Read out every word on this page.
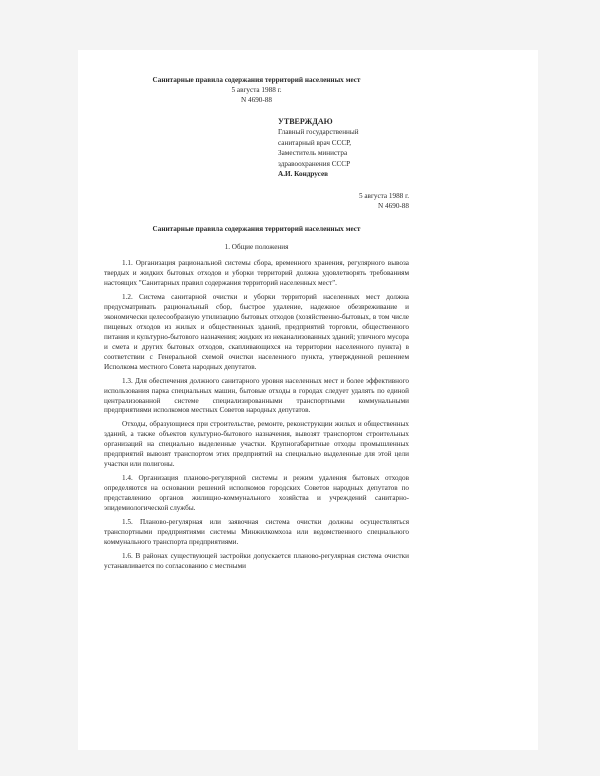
Санитарные правила содержания территорий населенных мест

5 августа 1988 г.

N 4690-88

УТВЕРЖДАЮ
Главный государственный
санитарный врач СССР,
Заместитель министра
здравоохранения СССР
А.И. Кондрусев
5 августа 1988 г.
N 4690-88

Санитарные правила содержания территорий населенных мест

1. Общие положения

1.1. Организация рациональной системы сбора, временного хранения, регулярного вывоза твердых и жидких бытовых отходов и уборки территорий должна удовлетворять требованиям настоящих "Санитарных правил содержания территорий населенных мест".

1.2. Система санитарной очистки и уборки территорий населенных мест должна предусматривать рациональный сбор, быстрое удаление, надежное обезвреживание и экономически целесообразную утилизацию бытовых отходов (хозяйственно-бытовых, в том числе пищевых отходов из жилых и общественных зданий, предприятий торговли, общественного питания и культурно-бытового назначения; жидких из неканализованных зданий; уличного мусора и смета и других бытовых отходов, скапливающихся на территории населенного пункта) в соответствии с Генеральной схемой очистки населенного пункта, утвержденной решением Исполкома местного Совета народных депутатов.

1.3. Для обеспечения должного санитарного уровня населенных мест и более эффективного использования парка специальных машин, бытовые отходы в городах следует удалять по единой централизованной системе специализированными транспортными коммунальными предприятиями исполкомов местных Советов народных депутатов.

Отходы, образующиеся при строительстве, ремонте, реконструкции жилых и общественных зданий, а также объектов культурно-бытового назначения, вывозят транспортом строительных организаций на специально выделенные участки. Крупногабаритные отходы промышленных предприятий вывозят транспортом этих предприятий на специально выделенные для этой цели участки или полигоны.

1.4. Организация планово-регулярной системы и режим удаления бытовых отходов определяются на основании решений исполкомов городских Советов народных депутатов по представлению органов жилищно-коммунального хозяйства и учреждений санитарно-эпидемиологической службы.

1.5. Планово-регулярная или заявочная система очистки должны осуществляться транспортными предприятиями системы Минжилкомхоза или ведомственного специального коммунального транспорта предприятиями.

1.6. В районах существующей застройки допускается планово-регулярная система очистки устанавливается по согласованию с местными
